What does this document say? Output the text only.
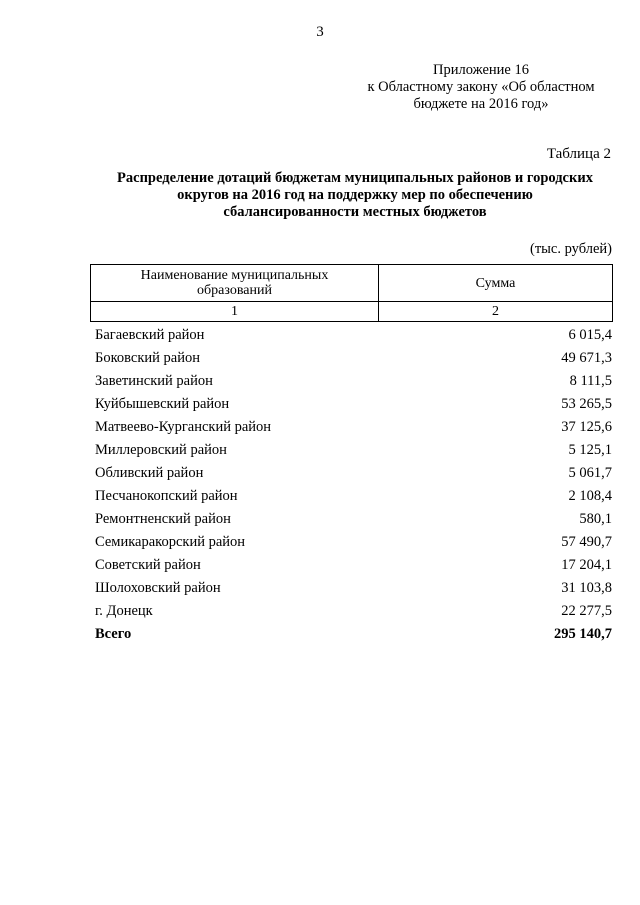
3
Приложение 16
к Областному закону «Об областном
бюджете на 2016 год»
Таблица 2
Распределение дотаций бюджетам муниципальных районов и городских
округов на 2016 год на поддержку мер по обеспечению
сбалансированности местных бюджетов
(тыс. рублей)
Наименование муниципальных
образований	Сумма
1	2
Багаевский район	6 015,4
Боковский район	49 671,3
Заветинский район	8 111,5
Куйбышевский район	53 265,5
Матвеево-Курганский район	37 125,6
Миллеровский район	5 125,1
Обливский район	5 061,7
Песчанокопский район	2 108,4
Ремонтненский район	580,1
Семикаракорский район	57 490,7
Советский район	17 204,1
Шолоховский район	31 103,8
г. Донецк	22 277,5
Всего	295 140,7
